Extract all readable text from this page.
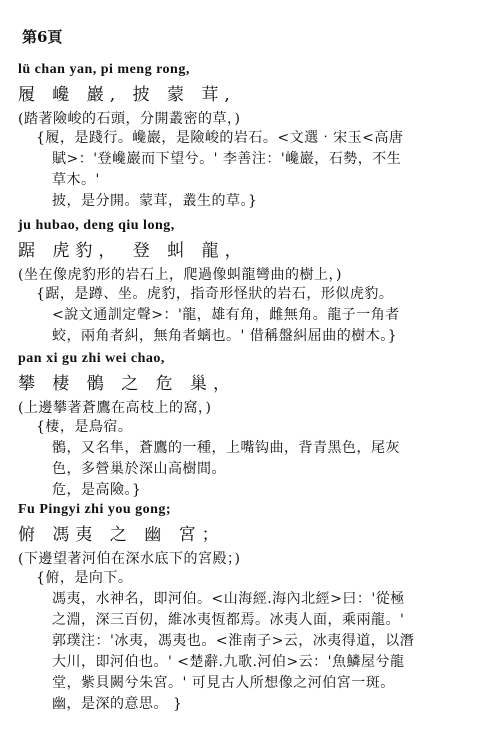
第6頁
lü chan yan, pi meng rong,
履 巉 巖, 披 蒙 茸,
(踏著險峻的石頭，分開叢密的草，)
{履，是踐行。巉巖，是險峻的岩石。<文選‧宋玉<高唐
賦>：'登巉巖而下望兮。' 李善注：'巉巖，石勢，不生
草木。'
披，是分開。蒙茸，叢生的草。}
ju hubao, deng qiu long,
踞 虎豹， 登 虯 龍，
(坐在像虎豹形的岩石上，爬過像虯龍彎曲的樹上，)
{踞，是蹲、坐。虎豹，指奇形怪狀的岩石，形似虎豹。
<說文通訓定聲>：'龍，雄有角，雌無角。龍子一角者
蛟，兩角者糾，無角者螭也。' 借稱盤糾屈曲的樹木。}
pan xi gu zhi wei chao,
攀 棲 鶻 之 危 巢，
(上邊攀著蒼鷹在高枝上的窩，)
{棲，是鳥宿。
鶻，又名隼，蒼鷹的一種，上嘴钩曲，背青黑色，尾灰
色，多營巢於深山高樹間。
危，是高險。}
Fu Pingyi zhi you gong;
俯 馮夷 之 幽 宮；
(下邊望著河伯在深水底下的宮殿；)
{俯，是向下。
馮夷，水神名，即河伯。<山海經.海內北經>曰：'從極
之淵，深三百仞，維冰夷恆都焉。冰夷人面，乘兩龍。'
郭璞注：'冰夷，馮夷也。<淮南子>云，冰夷得道，以潛
大川，即河伯也。' <楚辭.九歌.河伯>云：'魚鱗屋兮龍
堂，紫貝闕兮朱宮。' 可見古人所想像之河伯宮一斑。
幽，是深的意思。 }
